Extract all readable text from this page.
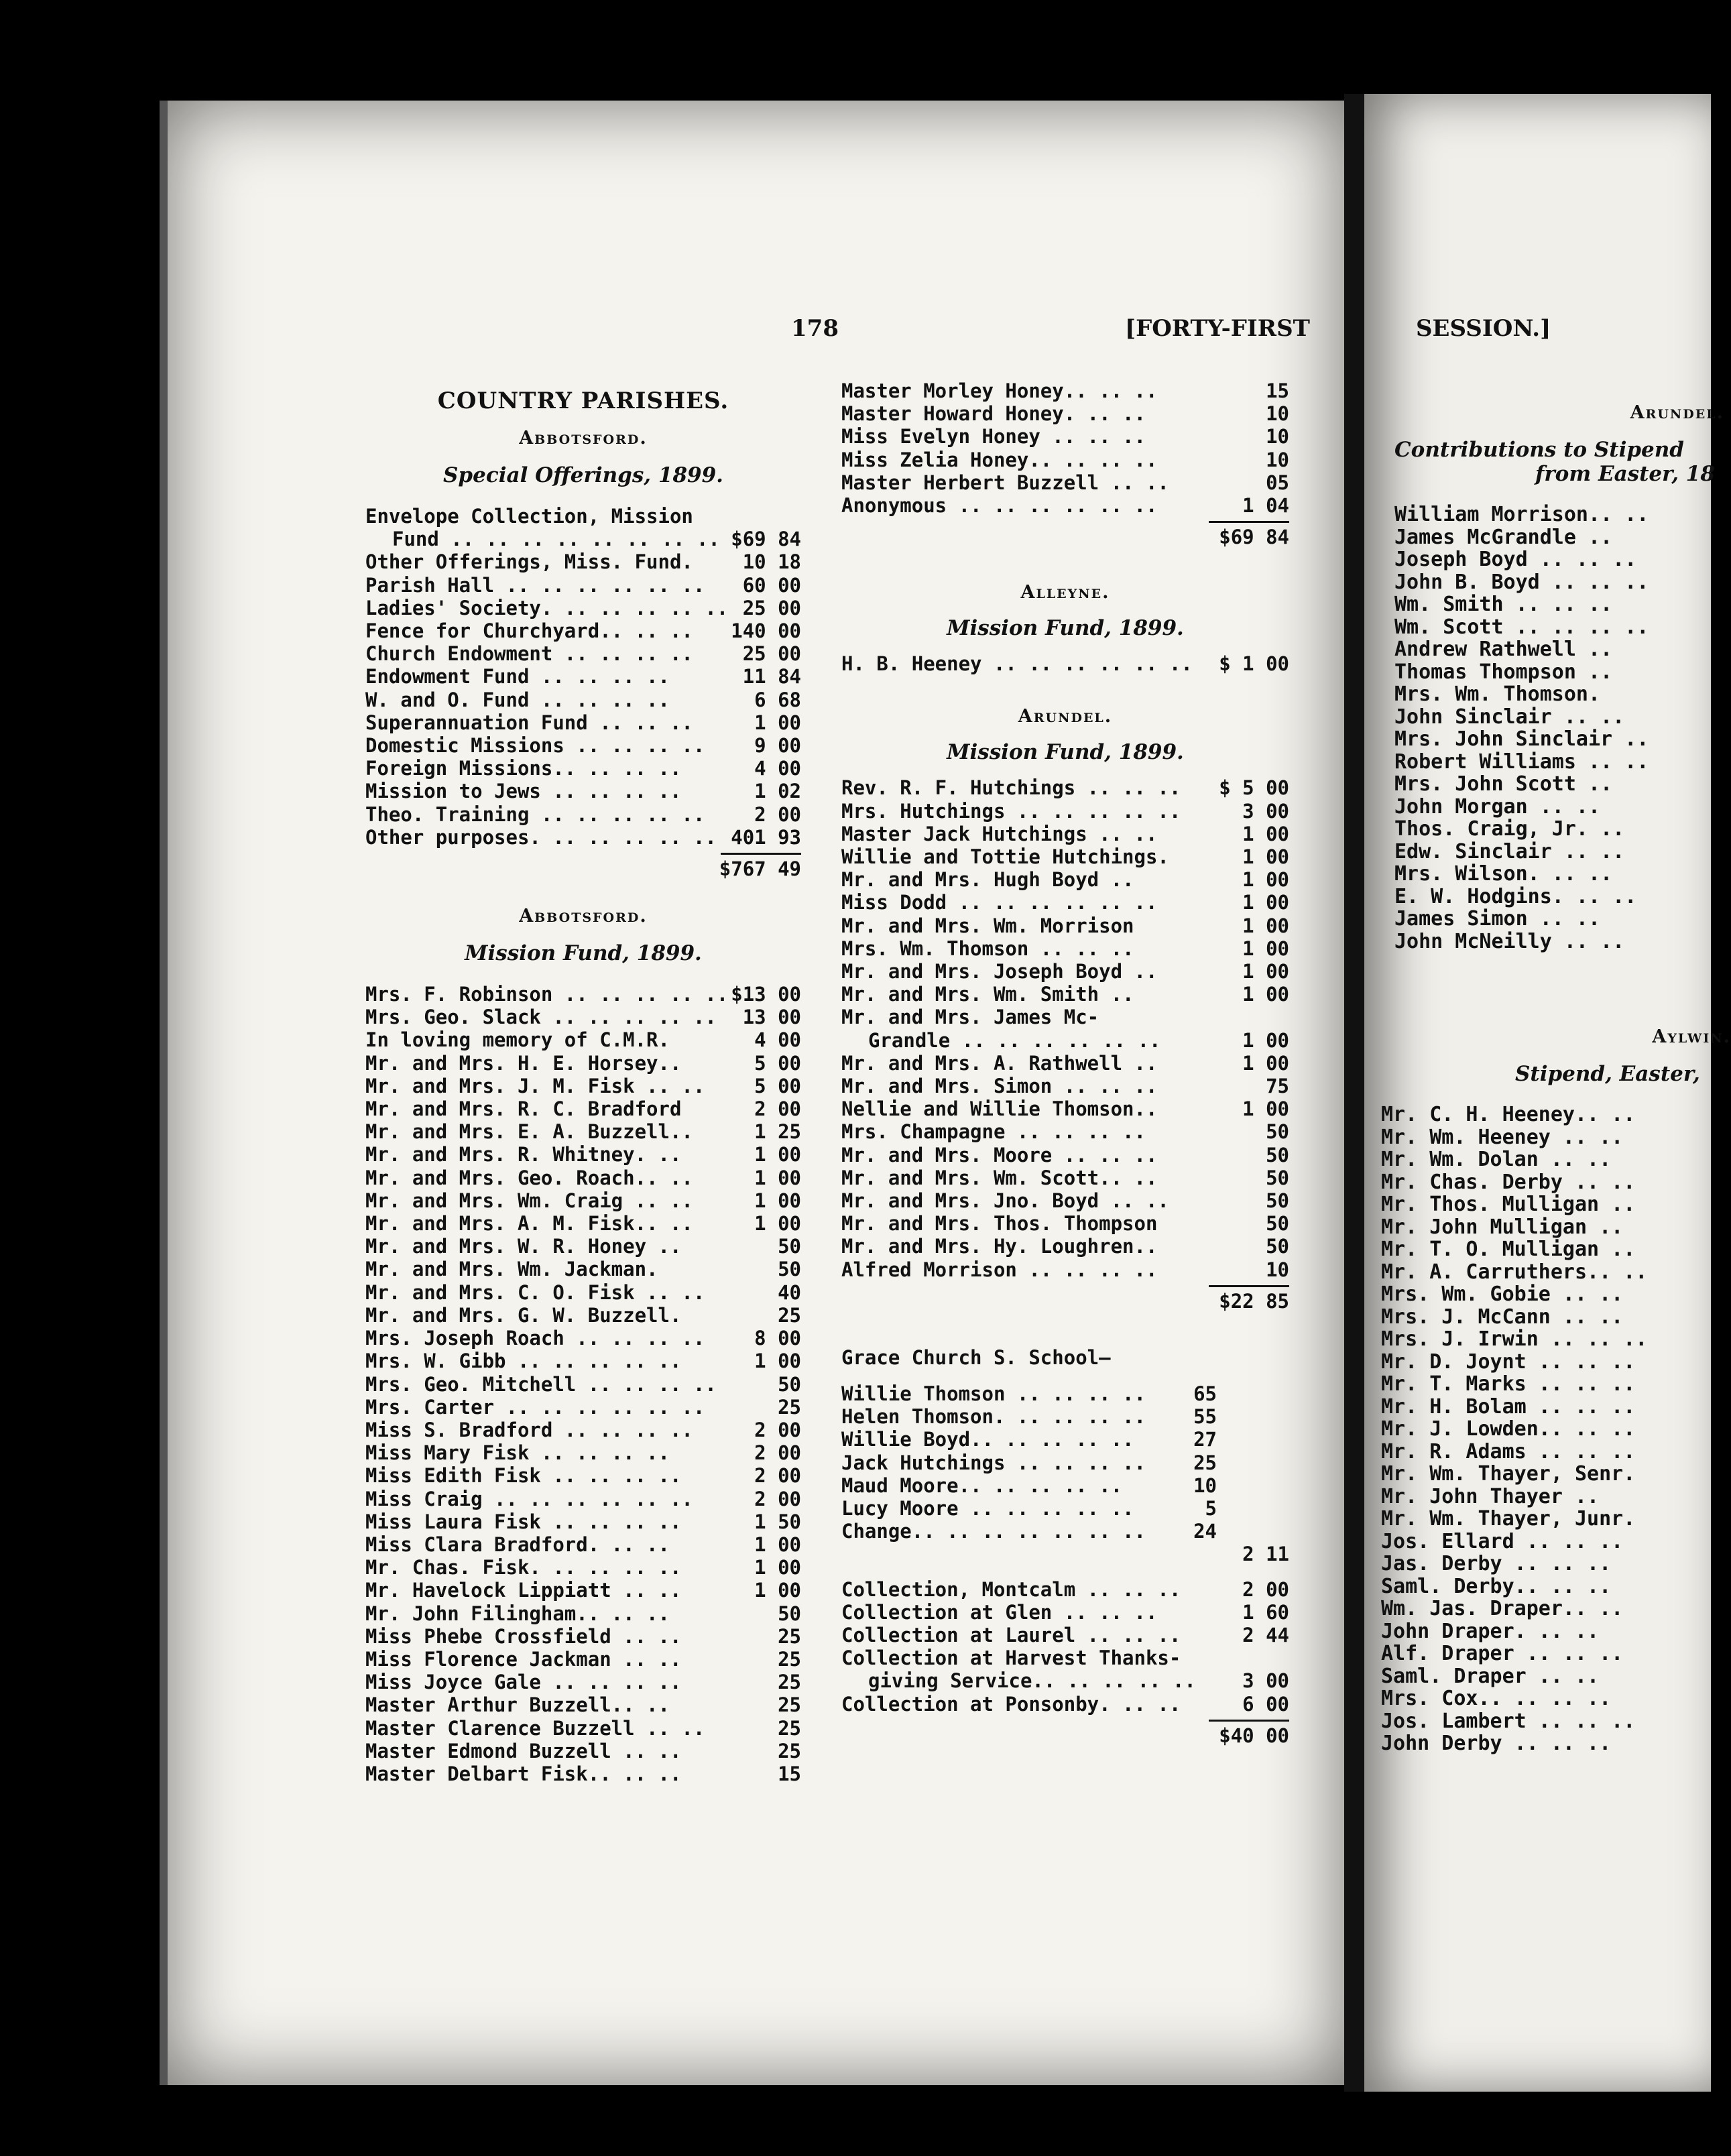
178	[FORTY-FIRST	SESSION.]
COUNTRY PARISHES.
Abbotsford.
Special Offerings, 1899.
Envelope Collection, Mission
Fund .. .. .. .. .. .. .. .. $69 84
Other Offerings, Miss. Fund.	10 18
Parish Hall .. .. .. .. .. .. 60 00
Ladies' Society. .. .. .. .. .. 25 00
Fence for Churchyard.. .. .. 140 00
Church Endowment .. .. .. ..	25 00
Endowment Fund .. .. .. ..	11 84
W. and O. Fund .. .. .. ..	6 68
Superannuation Fund .. .. ..	1 00
Domestic Missions .. .. .. ..	9 00
Foreign Missions.. .. .. ..	4 00
Mission to Jews .. .. .. ..	1 02
Theo. Training .. .. .. .. ..	2 00
Other purposes. .. .. .. .. .. 401 93
$767 49
Abbotsford.
Mission Fund, 1899.
Mrs. F. Robinson .. .. .. .. .. $13 00
Mrs. Geo. Slack .. .. .. .. .. 13 00
In loving memory of C.M.R.	4 00
Mr. and Mrs. H. E. Horsey..	5 00
Mr. and Mrs. J. M. Fisk .. ..	5 00
Mr. and Mrs. R. C. Bradford	2 00
Mr. and Mrs. E. A. Buzzell..	1 25
Mr. and Mrs. R. Whitney. ..	1 00
Mr. and Mrs. Geo. Roach.. ..	1 00
Mr. and Mrs. Wm. Craig .. ..	1 00
Mr. and Mrs. A. M. Fisk.. ..	1 00
Mr. and Mrs. W. R. Honey ..	50
Mr. and Mrs. Wm. Jackman.	50
Mr. and Mrs. C. O. Fisk .. ..	40
Mr. and Mrs. G. W. Buzzell.	25
Mrs. Joseph Roach .. .. .. ..	8 00
Mrs. W. Gibb .. .. .. .. ..	1 00
Mrs. Geo. Mitchell .. .. .. ..	50
Mrs. Carter .. .. .. .. .. ..	25
Miss S. Bradford .. .. .. ..	2 00
Miss Mary Fisk .. .. .. ..	2 00
Miss Edith Fisk .. .. .. ..	2 00
Miss Craig .. .. .. .. .. ..	2 00
Miss Laura Fisk .. .. .. ..	1 50
Miss Clara Bradford. .. ..	1 00
Mr. Chas. Fisk. .. .. .. ..	1 00
Mr. Havelock Lippiatt .. ..	1 00
Mr. John Filingham.. .. ..	50
Miss Phebe Crossfield .. ..	25
Miss Florence Jackman .. ..	25
Miss Joyce Gale .. .. .. ..	25
Master Arthur Buzzell.. ..	25
Master Clarence Buzzell .. ..	25
Master Edmond Buzzell .. ..	25
Master Delbart Fisk.. .. ..	15
Master Morley Honey.. .. ..	15
Master Howard Honey. .. ..	10
Miss Evelyn Honey .. .. ..	10
Miss Zelia Honey.. .. .. ..	10
Master Herbert Buzzell .. ..	05
Anonymous .. .. .. .. .. ..	1 04
$69 84
Alleyne.
Mission Fund, 1899.
H. B. Heeney .. .. .. .. .. .. $ 1 00
Arundel.
Mission Fund, 1899.
Rev. R. F. Hutchings .. .. .. $ 5 00
Mrs. Hutchings .. .. .. .. ..	3 00
Master Jack Hutchings .. ..	1 00
Willie and Tottie Hutchings.	1 00
Mr. and Mrs. Hugh Boyd ..	1 00
Miss Dodd .. .. .. .. .. ..	1 00
Mr. and Mrs. Wm. Morrison	1 00
Mrs. Wm. Thomson .. .. ..	1 00
Mr. and Mrs. Joseph Boyd ..	1 00
Mr. and Mrs. Wm. Smith ..	1 00
Mr. and Mrs. James Mc-
Grandle .. .. .. .. .. ..	1 00
Mr. and Mrs. A. Rathwell ..	1 00
Mr. and Mrs. Simon .. .. ..	75
Nellie and Willie Thomson..	1 00
Mrs. Champagne .. .. .. ..	50
Mr. and Mrs. Moore .. .. ..	50
Mr. and Mrs. Wm. Scott.. ..	50
Mr. and Mrs. Jno. Boyd .. ..	50
Mr. and Mrs. Thos. Thompson	50
Mr. and Mrs. Hy. Loughren..	50
Alfred Morrison .. .. .. ..	10
$22 85
Grace Church S. School—
Willie Thomson .. .. .. ..	65
Helen Thomson. .. .. .. ..	55
Willie Boyd.. .. .. .. ..	27
Jack Hutchings .. .. .. ..	25
Maud Moore.. .. .. .. ..	10
Lucy Moore .. .. .. .. ..	5
Change.. .. .. .. .. .. ..	24
2 11
Collection, Montcalm .. .. ..	2 00
Collection at Glen .. .. ..	1 60
Collection at Laurel .. .. ..	2 44
Collection at Harvest Thanks-
giving Service.. .. .. .. ..	3 00
Collection at Ponsonby. .. ..	6 00
$40 00
Arundel.
Contributions to Stipend
from Easter, 18
William Morrison.. ..
James McGrandle ..
Joseph Boyd .. .. ..
John B. Boyd .. .. ..
Wm. Smith .. .. ..
Wm. Scott .. .. .. ..
Andrew Rathwell ..
Thomas Thompson ..
Mrs. Wm. Thomson.
John Sinclair .. ..
Mrs. John Sinclair ..
Robert Williams .. ..
Mrs. John Scott ..
John Morgan .. ..
Thos. Craig, Jr. ..
Edw. Sinclair .. ..
Mrs. Wilson. .. ..
E. W. Hodgins. .. ..
James Simon .. ..
John McNeilly .. ..
Aylwin.
Stipend, Easter,
Mr. C. H. Heeney.. ..
Mr. Wm. Heeney .. ..
Mr. Wm. Dolan .. ..
Mr. Chas. Derby .. ..
Mr. Thos. Mulligan ..
Mr. John Mulligan ..
Mr. T. O. Mulligan ..
Mr. A. Carruthers.. ..
Mrs. Wm. Gobie .. ..
Mrs. J. McCann .. ..
Mrs. J. Irwin .. .. ..
Mr. D. Joynt .. .. ..
Mr. T. Marks .. .. ..
Mr. H. Bolam .. .. ..
Mr. J. Lowden.. .. ..
Mr. R. Adams .. .. ..
Mr. Wm. Thayer, Senr.
Mr. John Thayer ..
Mr. Wm. Thayer, Junr.
Jos. Ellard .. .. ..
Jas. Derby .. .. ..
Saml. Derby.. .. ..
Wm. Jas. Draper.. ..
John Draper. .. ..
Alf. Draper .. .. ..
Saml. Draper .. ..
Mrs. Cox.. .. .. ..
Jos. Lambert .. .. ..
John Derby .. .. ..
